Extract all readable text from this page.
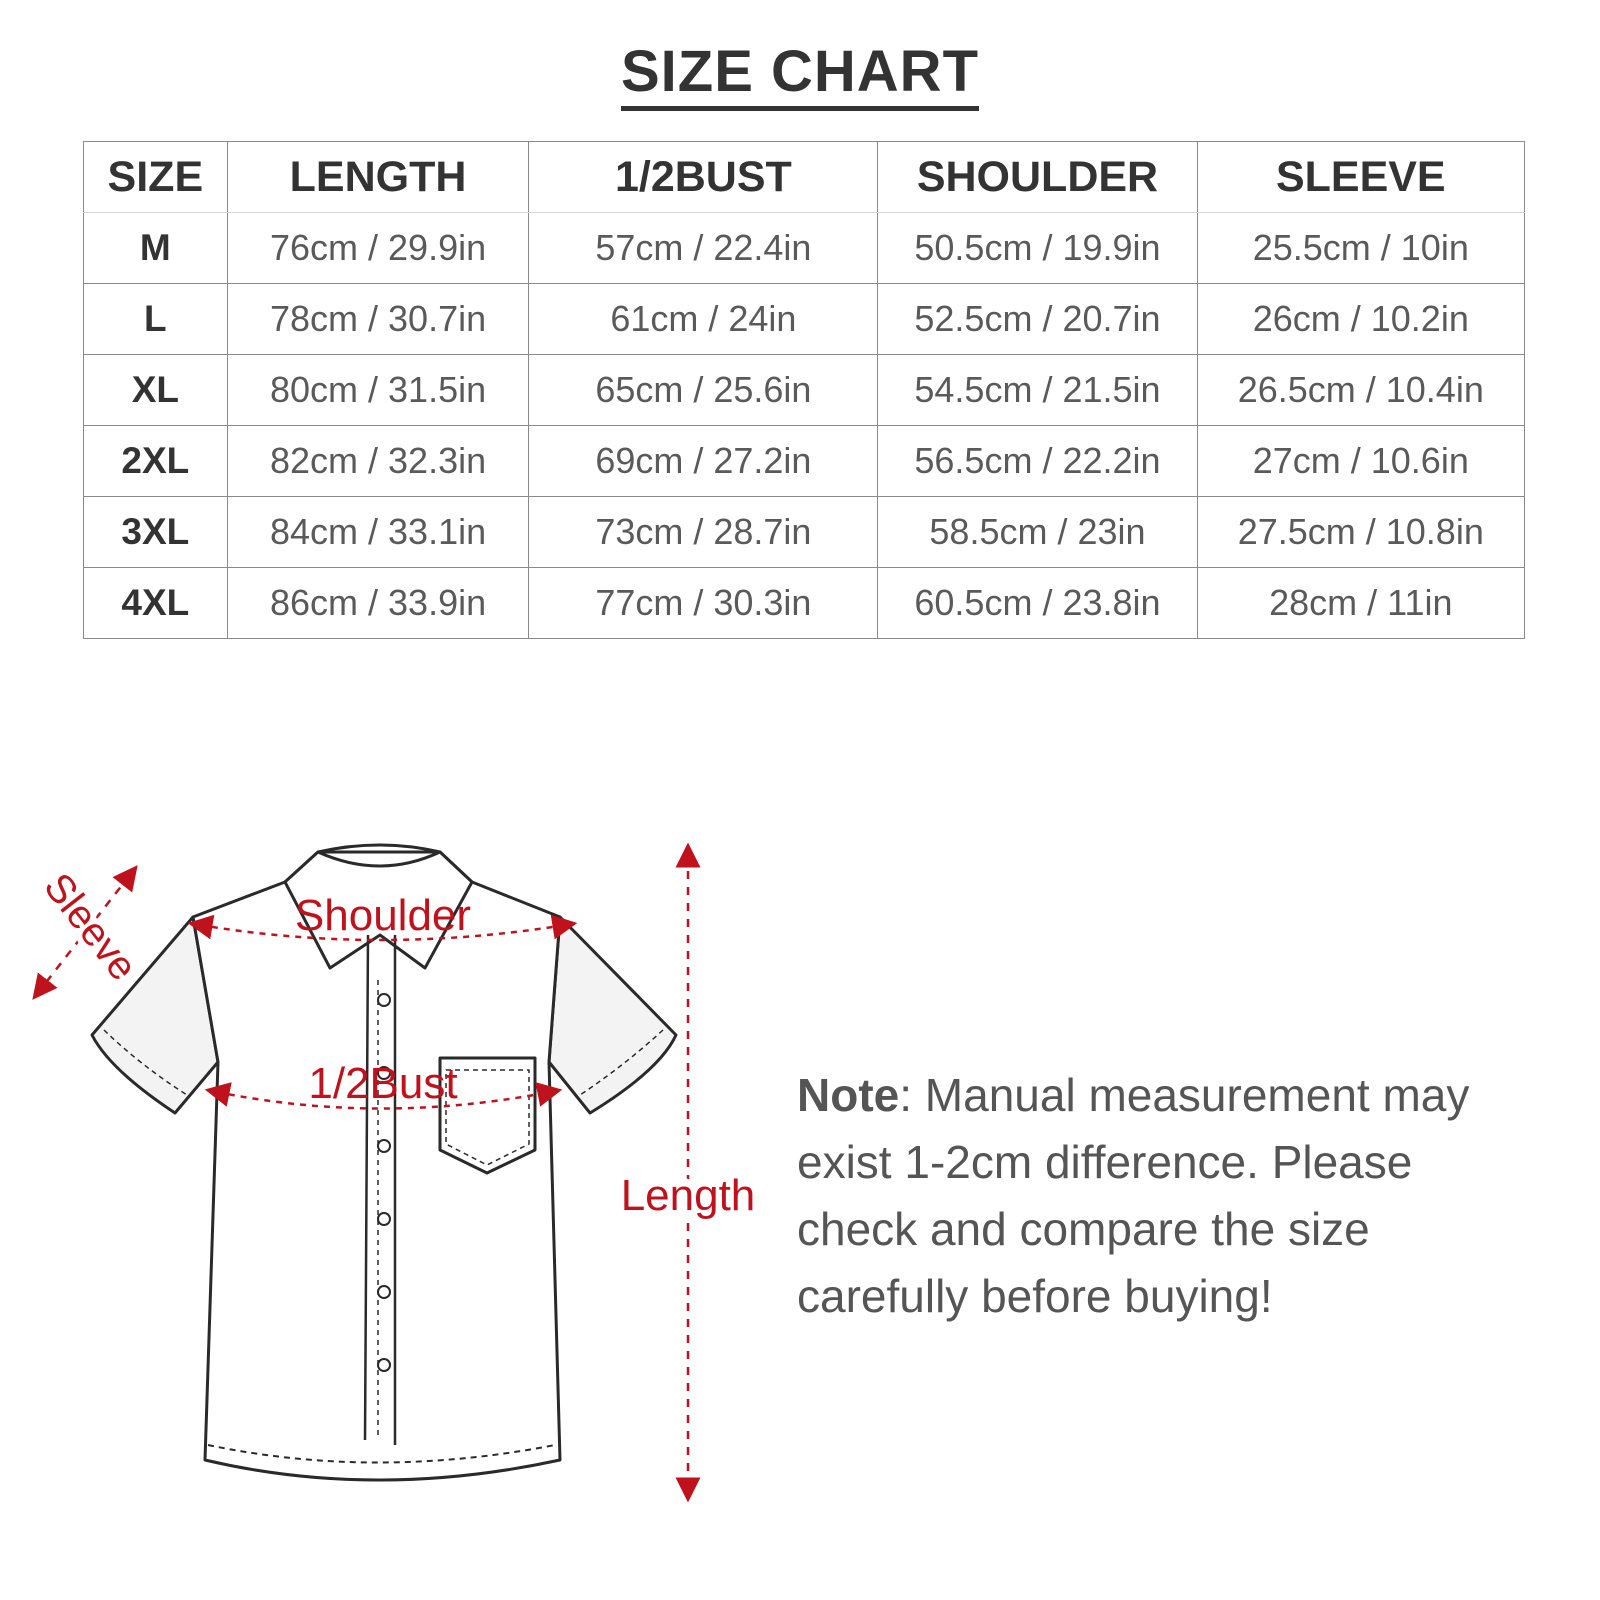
SIZE CHART
SIZE	LENGTH	1/2BUST	SHOULDER	SLEEVE
M	76cm / 29.9in	57cm / 22.4in	50.5cm / 19.9in	25.5cm / 10in
L	78cm / 30.7in	61cm / 24in	52.5cm / 20.7in	26cm / 10.2in
XL	80cm / 31.5in	65cm / 25.6in	54.5cm / 21.5in	26.5cm / 10.4in
2XL	82cm / 32.3in	69cm / 27.2in	56.5cm / 22.2in	27cm / 10.6in
3XL	84cm / 33.1in	73cm / 28.7in	58.5cm / 23in	27.5cm / 10.8in
4XL	86cm / 33.9in	77cm / 30.3in	60.5cm / 23.8in	28cm / 11in
Shoulder
1/2Bust
Length
Sleeve
Note: Manual measurement may exist 1-2cm difference. Please check and compare the size carefully before buying!
